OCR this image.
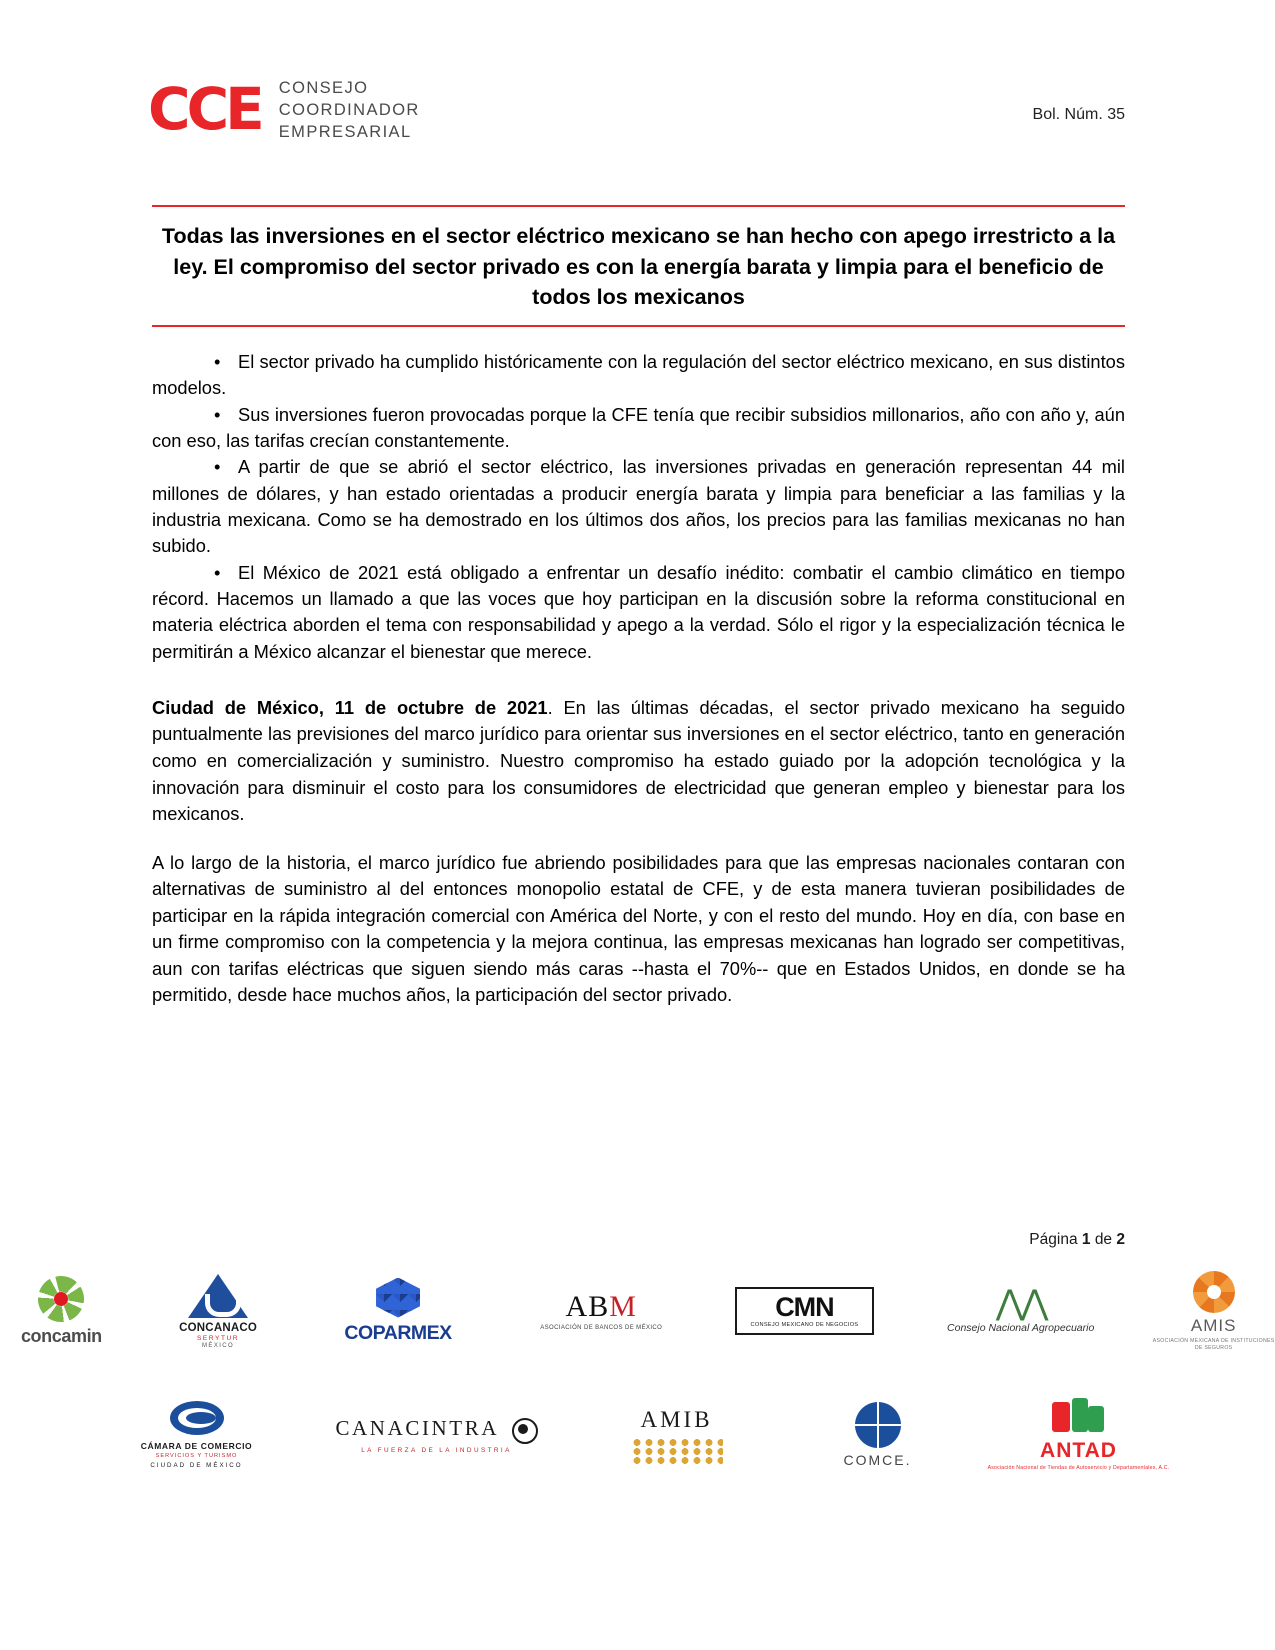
CCE CONSEJO
COORDINADOR
EMPRESARIAL
Bol. Núm. 35
Todas las inversiones en el sector eléctrico mexicano se han hecho con apego irrestricto a la ley. El compromiso del sector privado es con la energía barata y limpia para el beneficio de todos los mexicanos
• El sector privado ha cumplido históricamente con la regulación del sector eléctrico mexicano, en sus distintos modelos.
• Sus inversiones fueron provocadas porque la CFE tenía que recibir subsidios millonarios, año con año y, aún con eso, las tarifas crecían constantemente.
• A partir de que se abrió el sector eléctrico, las inversiones privadas en generación representan 44 mil millones de dólares, y han estado orientadas a producir energía barata y limpia para beneficiar a las familias y la industria mexicana. Como se ha demostrado en los últimos dos años, los precios para las familias mexicanas no han subido.
• El México de 2021 está obligado a enfrentar un desafío inédito: combatir el cambio climático en tiempo récord. Hacemos un llamado a que las voces que hoy participan en la discusión sobre la reforma constitucional en materia eléctrica aborden el tema con responsabilidad y apego a la verdad. Sólo el rigor y la especialización técnica le permitirán a México alcanzar el bienestar que merece.

Ciudad de México, 11 de octubre de 2021. En las últimas décadas, el sector privado mexicano ha seguido puntualmente las previsiones del marco jurídico para orientar sus inversiones en el sector eléctrico, tanto en generación como en comercialización y suministro. Nuestro compromiso ha estado guiado por la adopción tecnológica y la innovación para disminuir el costo para los consumidores de electricidad que generan empleo y bienestar para los mexicanos.

A lo largo de la historia, el marco jurídico fue abriendo posibilidades para que las empresas nacionales contaran con alternativas de suministro al del entonces monopolio estatal de CFE, y de esta manera tuvieran posibilidades de participar en la rápida integración comercial con América del Norte, y con el resto del mundo. Hoy en día, con base en un firme compromiso con la competencia y la mejora continua, las empresas mexicanas han logrado ser competitivas, aun con tarifas eléctricas que siguen siendo más caras --hasta el 70%-- que en Estados Unidos, en donde se ha permitido, desde hace muchos años, la participación del sector privado.

Página 1 de 2
concamin	CONCANACO
SERYTUR
MÉXICO
COPARMEX
ABM
ASOCIACIÓN DE BANCOS DE MÉXICO
CMN
CONSEJO MEXICANO DE NEGOCIOS
⋀⋀
Consejo Nacional Agropecuario	AMIS
ASOCIACIÓN MEXICANA DE INSTITUCIONES DE SEGUROS
CÁMARA DE COMERCIO
SERVICIOS Y TURISMO
CIUDAD DE MÉXICO
CANACINTRA
LA FUERZA DE LA INDUSTRIA
AMIB
COMCE.	ANTAD
Asociación Nacional de Tiendas de Autoservicio y Departamentales, A.C.
